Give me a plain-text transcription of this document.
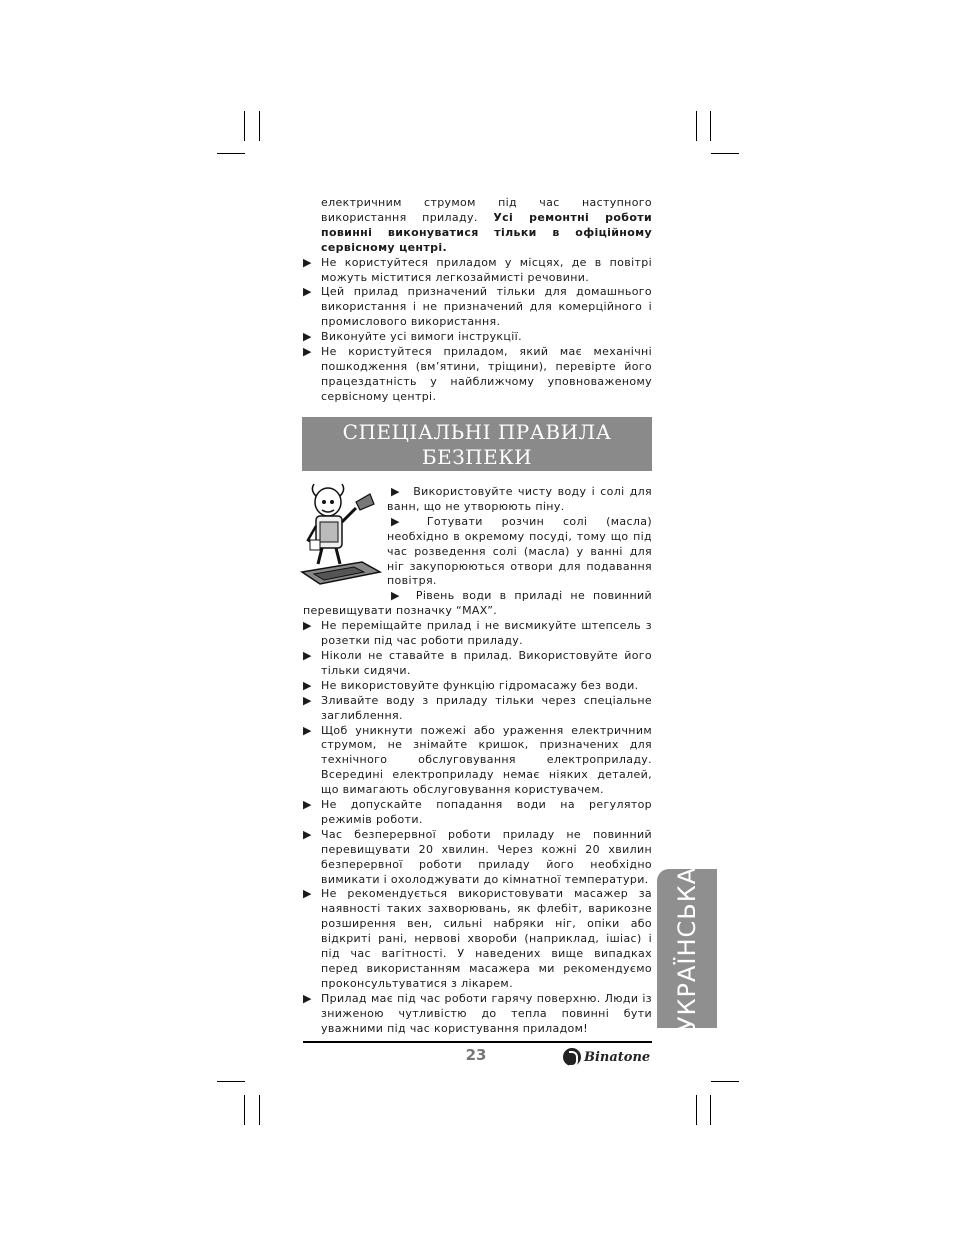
електричним струмом під час наступного використання приладу. Усі ремонтні роботи повинні виконуватися тільки в офіційному сервісному центрі.

▶ Не користуйтеся приладом у місцях, де в повітрі можуть міститися легкозаймисті речовини.

▶ Цей прилад призначений тільки для домашнього використання і не призначений для комерційного і промислового використання.

▶ Виконуйте усі вимоги інструкції.

▶ Не користуйтеся приладом, який має механічні пошкодження (вм’ятини, тріщини), перевірте його працездатність у найближчому уповноваженому сервісному центрі.

СПЕЦІАЛЬНІ ПРАВИЛА
БЕЗПЕКИ

▶ Використовуйте чисту воду і солі для ванн, що не утворюють піну.

▶ Готувати розчин солі (масла) необхідно в окремому посуді, тому що під час розведення солі (масла) у ванні для ніг закупорюються отвори для подавання повітря.

▶ Рівень води в приладі не повинний перевищувати позначку “MAX”.

▶ Не переміщайте прилад і не висмикуйте штепсель з розетки під час роботи приладу.

▶ Ніколи не ставайте в прилад. Використовуйте його тільки сидячи.

▶ Не використовуйте функцію гідромасажу без води.

▶ Зливайте воду з приладу тільки через спеціальне заглиблення.

▶ Щоб уникнути пожежі або ураження електричним струмом, не знімайте кришок, призначених для технічного обслуговування електроприладу. Всередині електроприладу немає ніяких деталей, що вимагають обслуговування користувачем.

▶ Не допускайте попадання води на регулятор режимів роботи.

▶ Час безперервної роботи приладу не повинний перевищувати 20 хвилин. Через кожні 20 хвилин безперервної роботи приладу його необхідно вимикати і охолоджувати до кімнатної температури.

▶ Не рекомендується використовувати масажер за наявності таких захворювань, як флебіт, варикозне розширення вен, сильні набряки ніг, опіки або відкриті рані, нервові хвороби (наприклад, ішіас) і під час вагітності. У наведених вище випадках перед використанням масажера ми рекомендуємо проконсультуватися з лікарем.

▶ Прилад має під час роботи гарячу поверхню. Люди із зниженою чутливістю до тепла повинні бути уважними під час користування приладом!	УКРАЇНСЬКА
23	Binatone
